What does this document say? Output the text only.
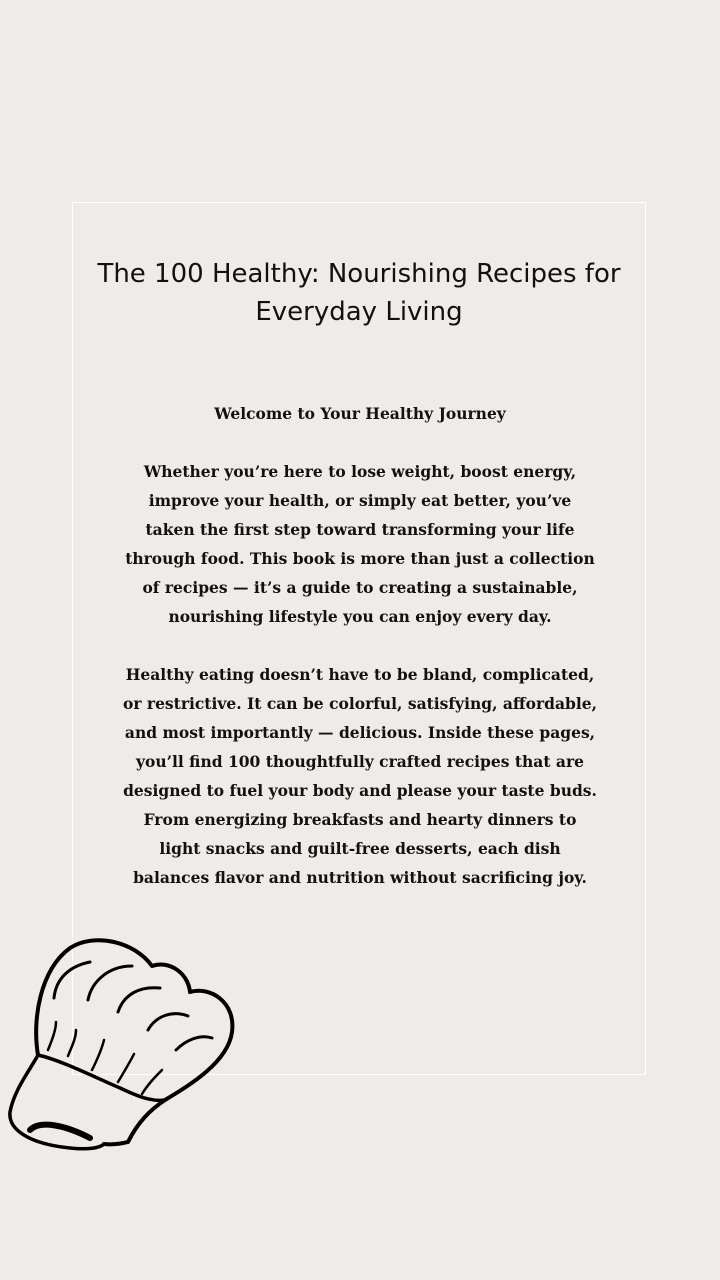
The 100 Healthy: Nourishing Recipes for Everyday Living

Welcome to Your Healthy Journey

Whether you’re here to lose weight, boost energy, improve your health, or simply eat better, you’ve taken the first step toward transforming your life through food. This book is more than just a collection of recipes — it’s a guide to creating a sustainable, nourishing lifestyle you can enjoy every day.

Healthy eating doesn’t have to be bland, complicated, or restrictive. It can be colorful, satisfying, affordable, and most importantly — delicious. Inside these pages, you’ll find 100 thoughtfully crafted recipes that are designed to fuel your body and please your taste buds. From energizing breakfasts and hearty dinners to light snacks and guilt-free desserts, each dish balances flavor and nutrition without sacrificing joy.
